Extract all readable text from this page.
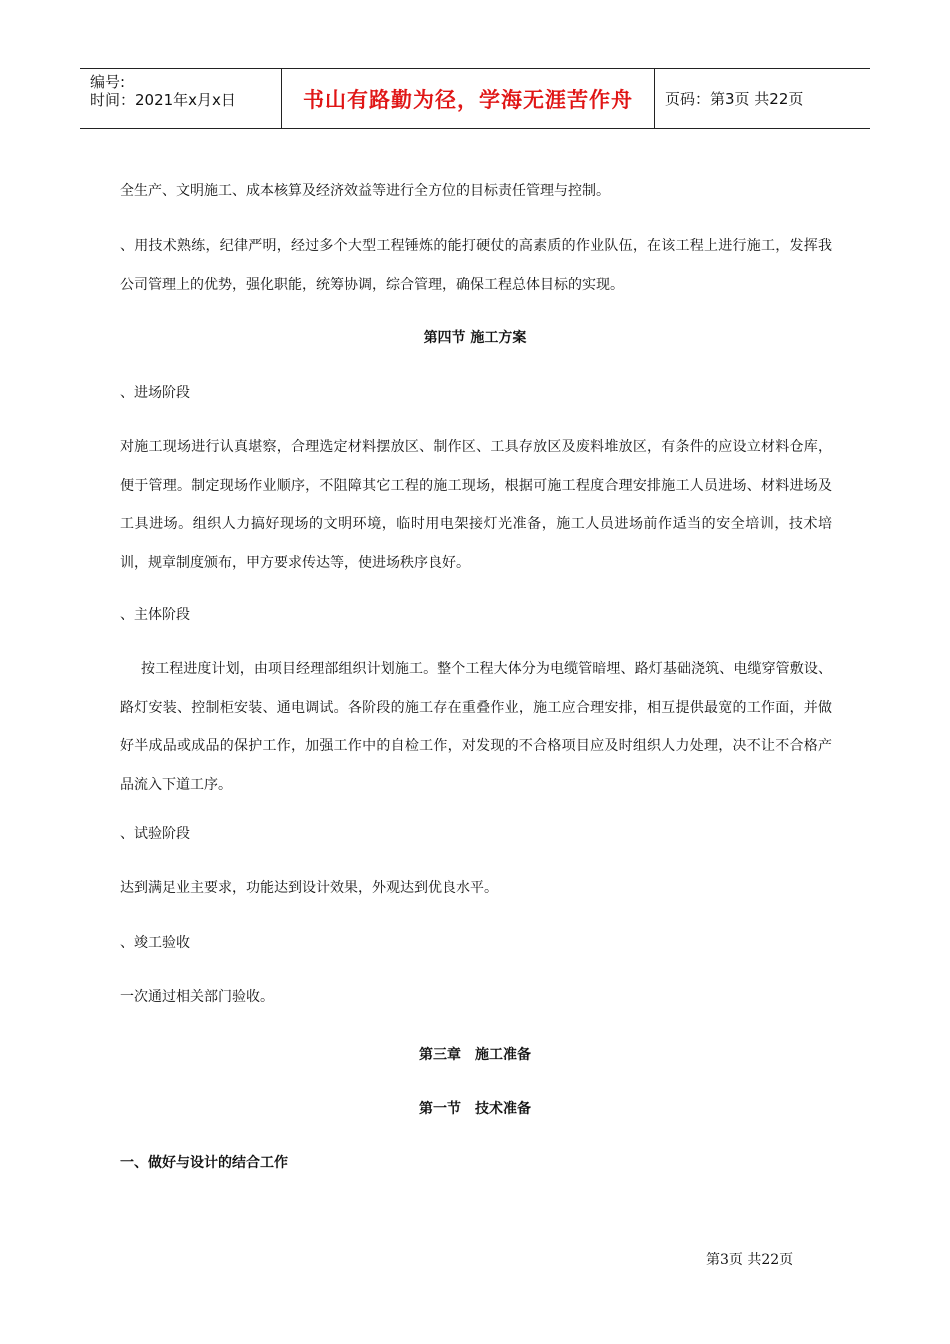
编号:
时间：2021年x月x日	书山有路勤为径，学海无涯苦作舟	页码：第3页 共22页

全生产、文明施工、成本核算及经济效益等进行全方位的目标责任管理与控制。

、用技术熟练，纪律严明，经过多个大型工程锤炼的能打硬仗的高素质的作业队伍，在该工程上进行施工，发挥我公司管理上的优势，强化职能，统筹协调，综合管理，确保工程总体目标的实现。

第四节 施工方案
、进场阶段

对施工现场进行认真堪察，合理选定材料摆放区、制作区、工具存放区及废料堆放区，有条件的应设立材料仓库，便于管理。制定现场作业顺序，不阻障其它工程的施工现场，根据可施工程度合理安排施工人员进场、材料进场及工具进场。组织人力搞好现场的文明环境，临时用电架接灯光准备，施工人员进场前作适当的安全培训，技术培训，规章制度颁布，甲方要求传达等，使进场秩序良好。

、主体阶段

按工程进度计划，由项目经理部组织计划施工。整个工程大体分为电缆管暗埋、路灯基础浇筑、电缆穿管敷设、路灯安装、控制柜安装、通电调试。各阶段的施工存在重叠作业，施工应合理安排，相互提供最宽的工作面，并做好半成品或成品的保护工作，加强工作中的自检工作，对发现的不合格项目应及时组织人力处理，决不让不合格产品流入下道工序。

、试验阶段

达到满足业主要求，功能达到设计效果，外观达到优良水平。

、竣工验收

一次通过相关部门验收。

第三章　施工准备
第一节　技术准备
一、做好与设计的结合工作
第3页 共22页
